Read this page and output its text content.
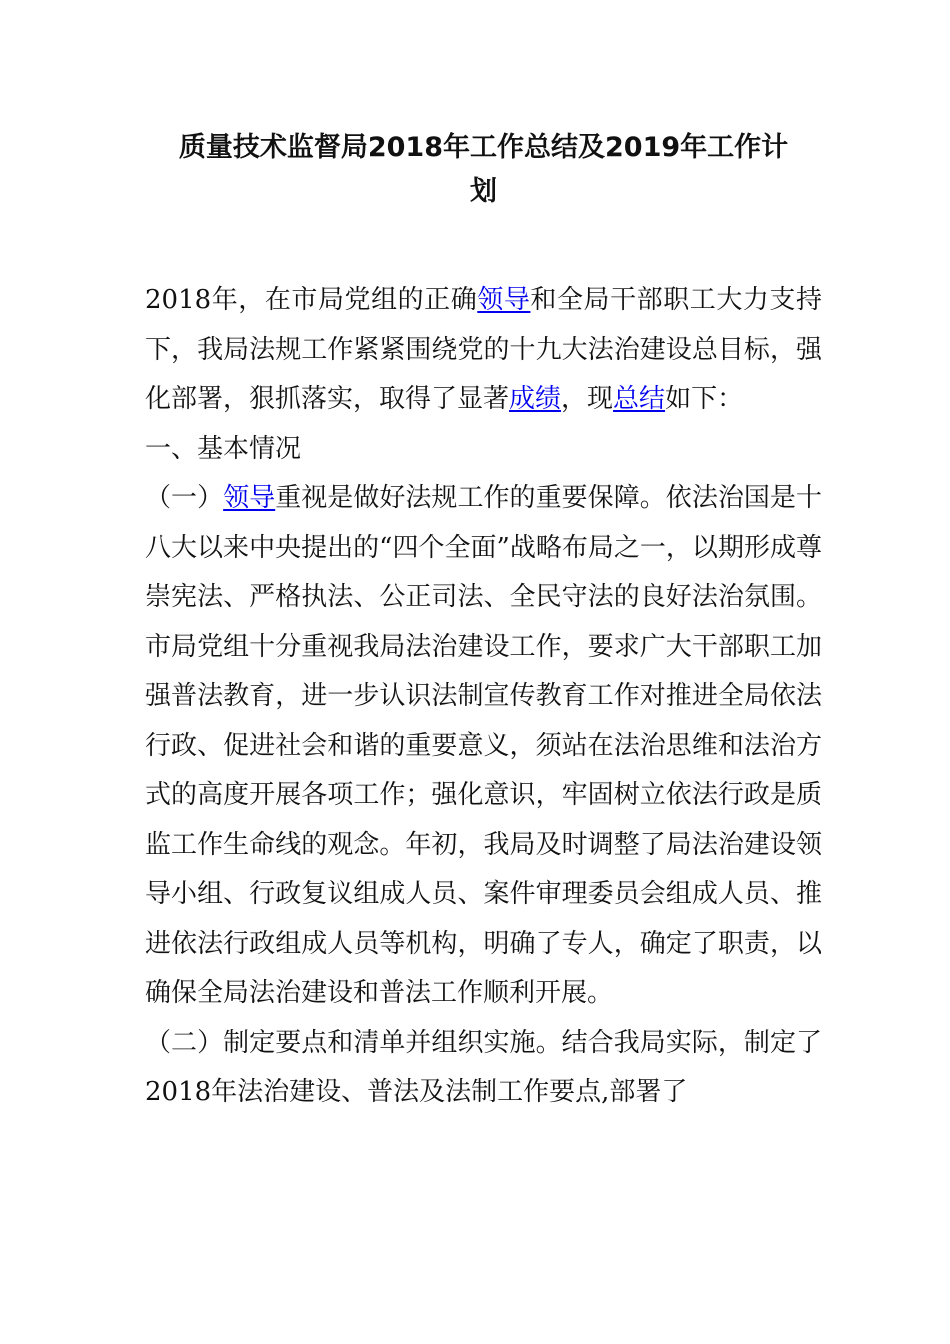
质量技术监督局2018年工作总结及2019年工作计
划

2018年，在市局党组的正确领导和全局干部职工大力支持下，我局法规工作紧紧围绕党的十九大法治建设总目标，强化部署，狠抓落实，取得了显著成绩，现总结如下：

一、基本情况

（一）领导重视是做好法规工作的重要保障。依法治国是十八大以来中央提出的“四个全面”战略布局之一，以期形成尊崇宪法、严格执法、公正司法、全民守法的良好法治氛围。市局党组十分重视我局法治建设工作，要求广大干部职工加强普法教育，进一步认识法制宣传教育工作对推进全局依法行政、促进社会和谐的重要意义，须站在法治思维和法治方式的高度开展各项工作；强化意识，牢固树立依法行政是质监工作生命线的观念。年初，我局及时调整了局法治建设领导小组、行政复议组成人员、案件审理委员会组成人员、推进依法行政组成人员等机构，明确了专人，确定了职责，以确保全局法治建设和普法工作顺利开展。

（二）制定要点和清单并组织实施。结合我局实际，制定了2018年法治建设、普法及法制工作要点,部署了
